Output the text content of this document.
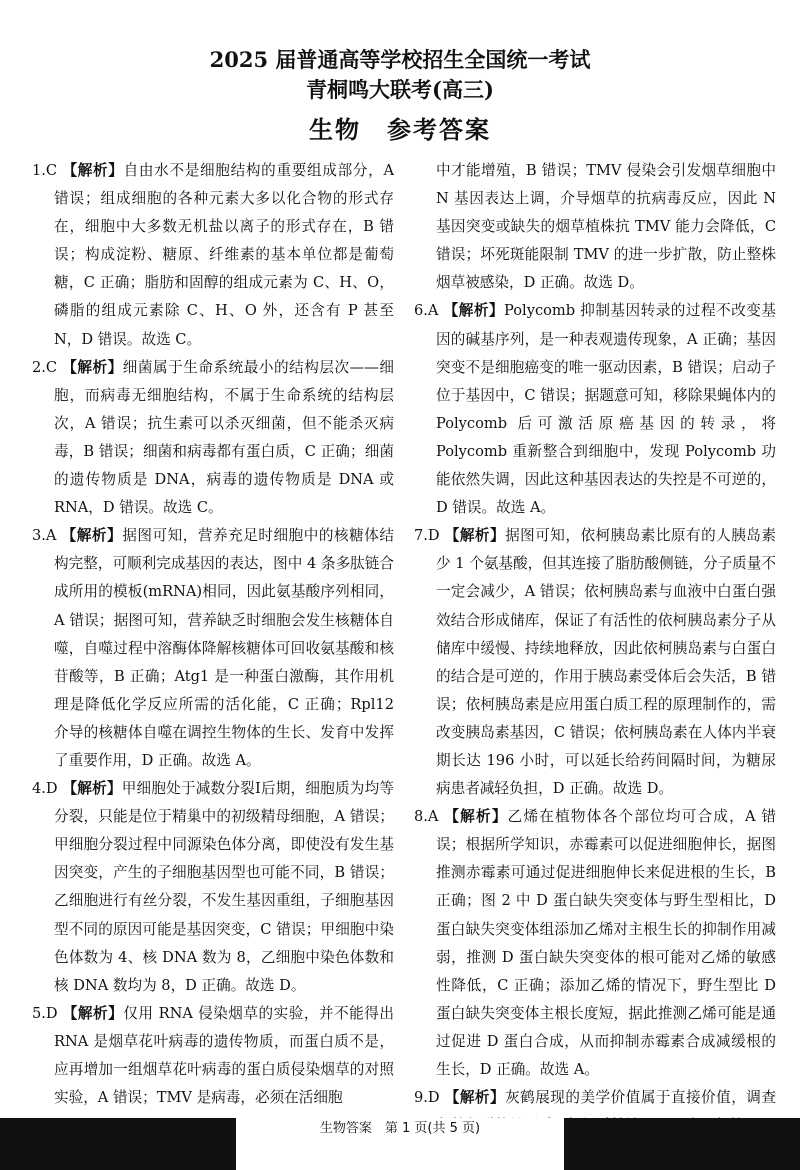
2025 届普通高等学校招生全国统一考试
青桐鸣大联考(高三)
生物　参考答案

1.C 【解析】自由水不是细胞结构的重要组成部分，A 错误；组成细胞的各种元素大多以化合物的形式存在，细胞中大多数无机盐以离子的形式存在，B 错误；构成淀粉、糖原、纤维素的基本单位都是葡萄糖，C 正确；脂肪和固醇的组成元素为 C、H、O，磷脂的组成元素除 C、H、O 外，还含有 P 甚至 N，D 错误。故选 C。

2.C 【解析】细菌属于生命系统最小的结构层次——细胞，而病毒无细胞结构，不属于生命系统的结构层次，A 错误；抗生素可以杀灭细菌，但不能杀灭病毒，B 错误；细菌和病毒都有蛋白质，C 正确；细菌的遗传物质是 DNA，病毒的遗传物质是 DNA 或 RNA，D 错误。故选 C。

3.A 【解析】据图可知，营养充足时细胞中的核糖体结构完整，可顺利完成基因的表达，图中 4 条多肽链合成所用的模板(mRNA)相同，因此氨基酸序列相同，A 错误；据图可知，营养缺乏时细胞会发生核糖体自噬，自噬过程中溶酶体降解核糖体可回收氨基酸和核苷酸等，B 正确；Atg1 是一种蛋白激酶，其作用机理是降低化学反应所需的活化能，C 正确；Rpl12 介导的核糖体自噬在调控生物体的生长、发育中发挥了重要作用，D 正确。故选 A。

4.D 【解析】甲细胞处于减数分裂Ⅰ后期，细胞质为均等分裂，只能是位于精巢中的初级精母细胞，A 错误；甲细胞分裂过程中同源染色体分离，即使没有发生基因突变，产生的子细胞基因型也可能不同，B 错误；乙细胞进行有丝分裂，不发生基因重组，子细胞基因型不同的原因可能是基因突变，C 错误；甲细胞中染色体数为 4、核 DNA 数为 8，乙细胞中染色体数和核 DNA 数均为 8，D 正确。故选 D。

5.D 【解析】仅用 RNA 侵染烟草的实验，并不能得出 RNA 是烟草花叶病毒的遗传物质，而蛋白质不是，应再增加一组烟草花叶病毒的蛋白质侵染烟草的对照实验，A 错误；TMV 是病毒，必须在活细胞

中才能增殖，B 错误；TMV 侵染会引发烟草细胞中 N 基因表达上调，介导烟草的抗病毒反应，因此 N 基因突变或缺失的烟草植株抗 TMV 能力会降低，C 错误；坏死斑能限制 TMV 的进一步扩散，防止整株烟草被感染，D 正确。故选 D。

6.A 【解析】Polycomb 抑制基因转录的过程不改变基因的碱基序列，是一种表观遗传现象，A 正确；基因突变不是细胞癌变的唯一驱动因素，B 错误；启动子位于基因中，C 错误；据题意可知，移除果蝇体内的 Polycomb 后可激活原癌基因的转录，将 Polycomb 重新整合到细胞中，发现 Polycomb 功能依然失调，因此这种基因表达的失控是不可逆的，D 错误。故选 A。

7.D 【解析】据图可知，依柯胰岛素比原有的人胰岛素少 1 个氨基酸，但其连接了脂肪酸侧链，分子质量不一定会减少，A 错误；依柯胰岛素与血液中白蛋白强效结合形成储库，保证了有活性的依柯胰岛素分子从储库中缓慢、持续地释放，因此依柯胰岛素与白蛋白的结合是可逆的，作用于胰岛素受体后会失活，B 错误；依柯胰岛素是应用蛋白质工程的原理制作的，需改变胰岛素基因，C 错误；依柯胰岛素在人体内半衰期长达 196 小时，可以延长给药间隔时间，为糖尿病患者减轻负担，D 正确。故选 D。

8.A 【解析】乙烯在植物体各个部位均可合成，A 错误；根据所学知识，赤霉素可以促进细胞伸长，据图推测赤霉素可通过促进细胞伸长来促进根的生长，B 正确；图 2 中 D 蛋白缺失突变体与野生型相比，D 蛋白缺失突变体组添加乙烯对主根生长的抑制作用减弱，推测 D 蛋白缺失突变体的根可能对乙烯的敏感性降低，C 正确；添加乙烯的情况下，野生型比 D 蛋白缺失突变体主根长度短，据此推测乙烯可能是通过促进 D 蛋白合成，从而抑制赤霉素合成减缓根的生长，D 正确。故选 A。

9.D 【解析】灰鹤展现的美学价值属于直接价值，调查

生物答案　第 1 页(共 5 页)
